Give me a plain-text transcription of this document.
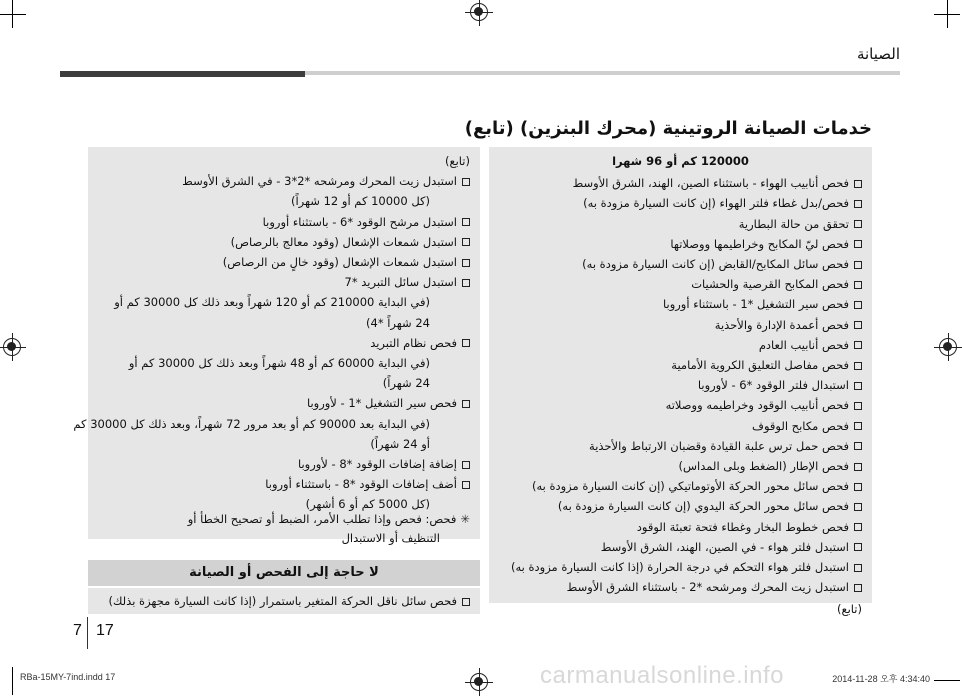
الصيانة
خدمات الصيانة الروتينية (محرك البنزين) (تابع)
120000 كم أو 96 شهرا
فحص أنابيب الهواء - باستثناء الصين، الهند، الشرق الأوسط
فحص/بدل غطاء فلتر الهواء (إن كانت السيارة مزودة به)
تحقق من حالة البطارية
فحص ليّ المكابح وخراطيمها ووصلاتها
فحص سائل المكابح/القابض (إن كانت السيارة مزودة به)
فحص المكابح القرصية والحشيات
فحص سير التشغيل *1 - باستثناء أوروبا
فحص أعمدة الإدارة والأحذية
فحص أنابيب العادم
فحص مفاصل التعليق الكروية الأمامية
استبدال فلتر الوقود *6 - لأوروبا
فحص أنابيب الوقود وخراطيمه ووصلاته
فحص مكابح الوقوف
فحص حمل ترس علبة القيادة وقضبان الارتباط والأحذية
فحص الإطار (الضغط وبلى المداس)
فحص سائل محور الحركة الأوتوماتيكي (إن كانت السيارة مزودة به)
فحص سائل محور الحركة اليدوي (إن كانت السيارة مزودة به)
فحص خطوط البخار وغطاء فتحة تعبئة الوقود
استبدل فلتر هواء - في الصين، الهند، الشرق الأوسط
استبدل فلتر هواء التحكم في درجة الحرارة (إذا كانت السيارة مزودة به)
استبدل زيت المحرك ومرشحه *2 - باستثناء الشرق الأوسط
(تابع)
(تابع)
استبدل زيت المحرك ومرشحه *2*3 - في الشرق الأوسط
(كل 10000 كم أو 12 شهراً)
استبدل مرشح الوقود *6 - باستثناء أوروبا
استبدل شمعات الإشعال (وقود معالج بالرصاص)
استبدل شمعات الإشعال (وقود خالٍ من الرصاص)
استبدل سائل التبريد *7
(في البداية 210000 كم أو 120 شهراً وبعد ذلك كل 30000 كم أو
24 شهراً *4)
فحص نظام التبريد
(في البداية 60000 كم أو 48 شهراً وبعد ذلك كل 30000 كم أو
24 شهراً)
فحص سير التشغيل *1 - لأوروبا
(في البداية بعد 90000 كم أو بعد مرور 72 شهراً، وبعد ذلك كل 30000 كم
أو 24 شهراً)
إضافة إضافات الوقود *8 - لأوروبا
أضف إضافات الوقود *8 - باستثناء أوروبا
(كل 5000 كم أو 6 أشهر)
✳فحص: فحص وإذا تطلب الأمر، الضبط أو تصحيح الخطأ أو
التنظيف أو الاستبدال
لا حاجة إلى الفحص أو الصيانة
فحص سائل ناقل الحركة المتغير باستمرار (إذا كانت السيارة مجهزة بذلك)
7 17
carmanualsonline.info
RBa-15MY-7ind.indd 17	2014-11-28 오후 4:34:40
